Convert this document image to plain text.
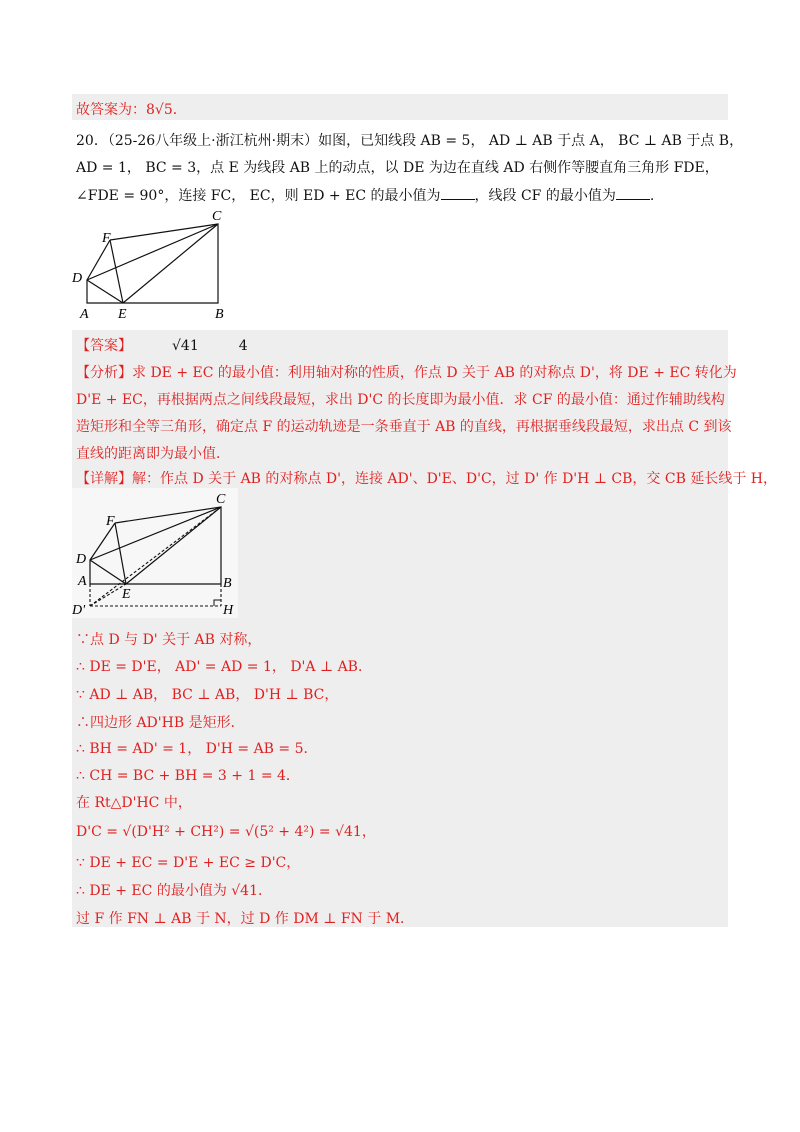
故答案为：8√5．
20．（25-26八年级上·浙江杭州·期末）如图，已知线段 AB = 5， AD ⊥ AB 于点 A， BC ⊥ AB 于点 B，
AD = 1， BC = 3，点 E 为线段 AB 上的动点，以 DE 为边在直线 AD 右侧作等腰直角三角形 FDE，
∠FDE = 90°，连接 FC， EC，则 ED + EC 的最小值为 ，线段 CF 的最小值为 .
C
F
D
A E	B
【答案】	√41	4
【分析】求 DE + EC 的最小值：利用轴对称的性质，作点 D 关于 AB 的对称点 D'，将 DE + EC 转化为
D'E + EC，再根据两点之间线段最短，求出 D'C 的长度即为最小值．求 CF 的最小值：通过作辅助线构
造矩形和全等三角形，确定点 F 的运动轨迹是一条垂直于 AB 的直线，再根据垂线段最短，求出点 C 到该
直线的距离即为最小值．
【详解】解：作点 D 关于 AB 的对称点 D'，连接 AD'、D'E、D'C，过 D' 作 D'H ⊥ CB，交 CB 延长线于 H，
C
F
D
A
E
B
D'	H
∵点 D 与 D' 关于 AB 对称，
∴ DE = D'E， AD' = AD = 1， D'A ⊥ AB．
∵ AD ⊥ AB， BC ⊥ AB， D'H ⊥ BC，
∴四边形 AD'HB 是矩形．
∴ BH = AD' = 1， D'H = AB = 5．
∴ CH = BC + BH = 3 + 1 = 4．
在 Rt△D'HC 中，
D'C = √(D'H² + CH²) = √(5² + 4²) = √41，
∵ DE + EC = D'E + EC ≥ D'C，
∴ DE + EC 的最小值为 √41．
过 F 作 FN ⊥ AB 于 N，过 D 作 DM ⊥ FN 于 M．
